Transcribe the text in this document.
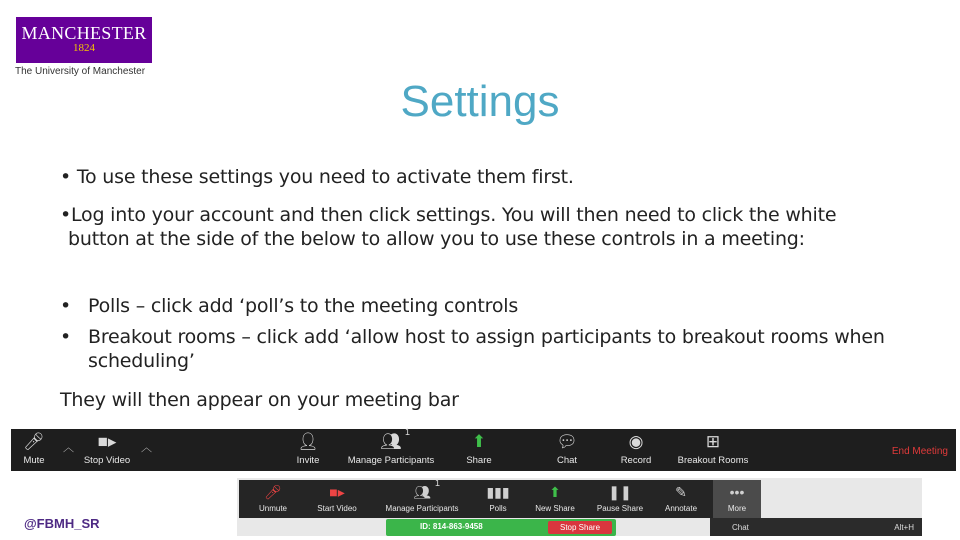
MANCHESTER
1824
The University of Manchester
Settings
• To use these settings you need to activate them first.
•Log into your account and then click settings. You will then need to click the white
button at the side of the below to allow you to use these controls in a meeting:
• Polls – click add ‘poll’s to the meeting controls
• Breakout rooms – click add ‘allow host to assign participants to breakout rooms when scheduling’
They will then appear on your meeting bar
🎤︎
Mute
︿	■▸
Stop Video
︿	👤︎
Invite
👥︎ 1
Manage Participants
⬆
Share
💬︎
Chat
◉
Record
⊞
Breakout Rooms
End Meeting
🎤︎
Unmute
■▸
Start Video
👥︎
1
Manage Participants
▮▮▮
Polls
⬆
New Share
❚❚
Pause Share
✎
Annotate
•••
More
ID: 814-863-9458	Stop Share	Chat	Alt+H
@FBMH_SR
